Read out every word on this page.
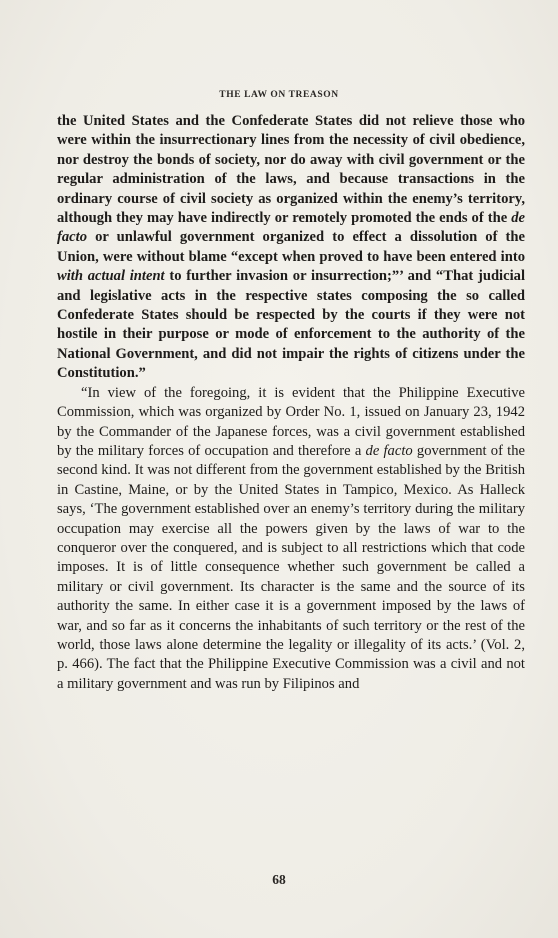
THE LAW ON TREASON

the United States and the Confederate States did not relieve those who were within the insurrectionary lines from the necessity of civil obedience, nor destroy the bonds of society, nor do away with civil government or the regular administration of the laws, and because transactions in the ordinary course of civil society as organized within the enemy’s territory, although they may have indirectly or remotely promoted the ends of the de facto or unlawful government organized to effect a dissolution of the Union, were without blame “except when proved to have been entered into with actual intent to further invasion or insurrection;”’ and “That judicial and legislative acts in the respective states composing the so called Confederate States should be respected by the courts if they were not hostile in their purpose or mode of enforcement to the authority of the National Government, and did not impair the rights of citizens under the Constitution.”

“In view of the foregoing, it is evident that the Philippine Executive Commission, which was organized by Order No. 1, issued on January 23, 1942 by the Commander of the Japanese forces, was a civil government established by the military forces of occupation and therefore a de facto government of the second kind. It was not different from the government established by the British in Castine, Maine, or by the United States in Tampico, Mexico. As Halleck says, ‘The government established over an enemy’s territory during the military occupation may exercise all the powers given by the laws of war to the conqueror over the conquered, and is subject to all restrictions which that code imposes. It is of little consequence whether such government be called a military or civil government. Its character is the same and the source of its authority the same. In either case it is a government imposed by the laws of war, and so far as it concerns the inhabitants of such territory or the rest of the world, those laws alone determine the legality or illegality of its acts.’ (Vol. 2, p. 466). The fact that the Philippine Executive Commission was a civil and not a military government and was run by Filipinos and

68
